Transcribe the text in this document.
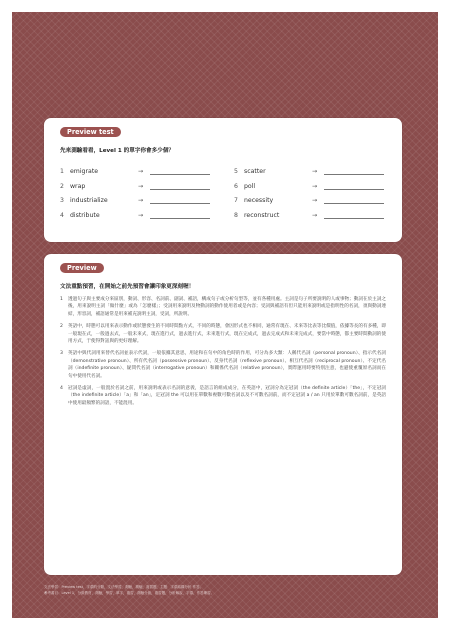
Preview test
先來測驗看看，Level 1 的單字你會多少個？
1 emigrate	→	5 scatter	→
2 wrap	→	6 poll	→
3 industrialize	→	7 necessity	→
4 distribute	→	8 reconstruct	→
Preview
文法重點預習，在開始之前先預習會讓印象更深刻喔！
1	透過句子與主要成分來區別，動詞、形容、名詞前、副詞、補語，構成句子或分析句型等，並有各種用處。主詞是句子所要說明的人或事物；動詞在於主詞之後，用來說明主詞「做什麼」或為「怎麼樣」；受詞用來說明及物動詞的動作使用者或是內容；受詞與補語有但只能用來說明或是指明性的名詞，須與動詞連結，形容詞，補語通常是用來補充說明主詞，受詞，所說明。
2	英語中，時態可以用來表示動作或狀態發生的不同時間點方式，不同的時態，會因形式也不相同，通常有現在、未來等比表等比價值，依據等長的有多種，即一般現在式，一般過去式，一般未來式，現在進行式，過去進行式，未來進行式，現在完成式，過去完成式和未來完成式，要當中時態，都主要時間動詞的使用方式，于使得對話與的更好理解。
3	英語中與代詞用來替代名詞並表示代詞，一般依據其意思，用途和在句中的角色時的作用，可分為多大類：人稱代名詞（personal pronoun）、指示代名詞（demonstrative pronoun）、所有代名詞（possessive pronoun）、反身代名詞（reflexive pronoun）、相互代名詞（reciprocal pronoun）、不定代名詞（indefinite pronoun）、疑問代名詞（interrogative pronoun）和關係代名詞（relative pronoun），實際運用時要特別注意，也避使重覆原名詞而在句中使用代名詞。
4	冠詞是虛詞，一般置於名詞之前，用來說明或表示名詞的意義，是語言的組成成分，在英語中，冠詞分為定冠詞（the definite article）「the」，不定冠詞（the indefinite article）「a」和「an」，定冠詞 the 可以用在單數和複數可數名詞以及不可數名詞前，而不定冠詞 a / an 只用於單數可數名詞前，是英語中使用最頻繁的詞語，不能混用。
文法學習：Preview test，字彙的分類，文法學習，測驗，測驗，複習題，主題：字彙結構分析 作答。
參考書目：Level 1，分級教材，測驗，學習，單字，複習，測驗分級，複習題，分析解說，字彙，作答練習。
